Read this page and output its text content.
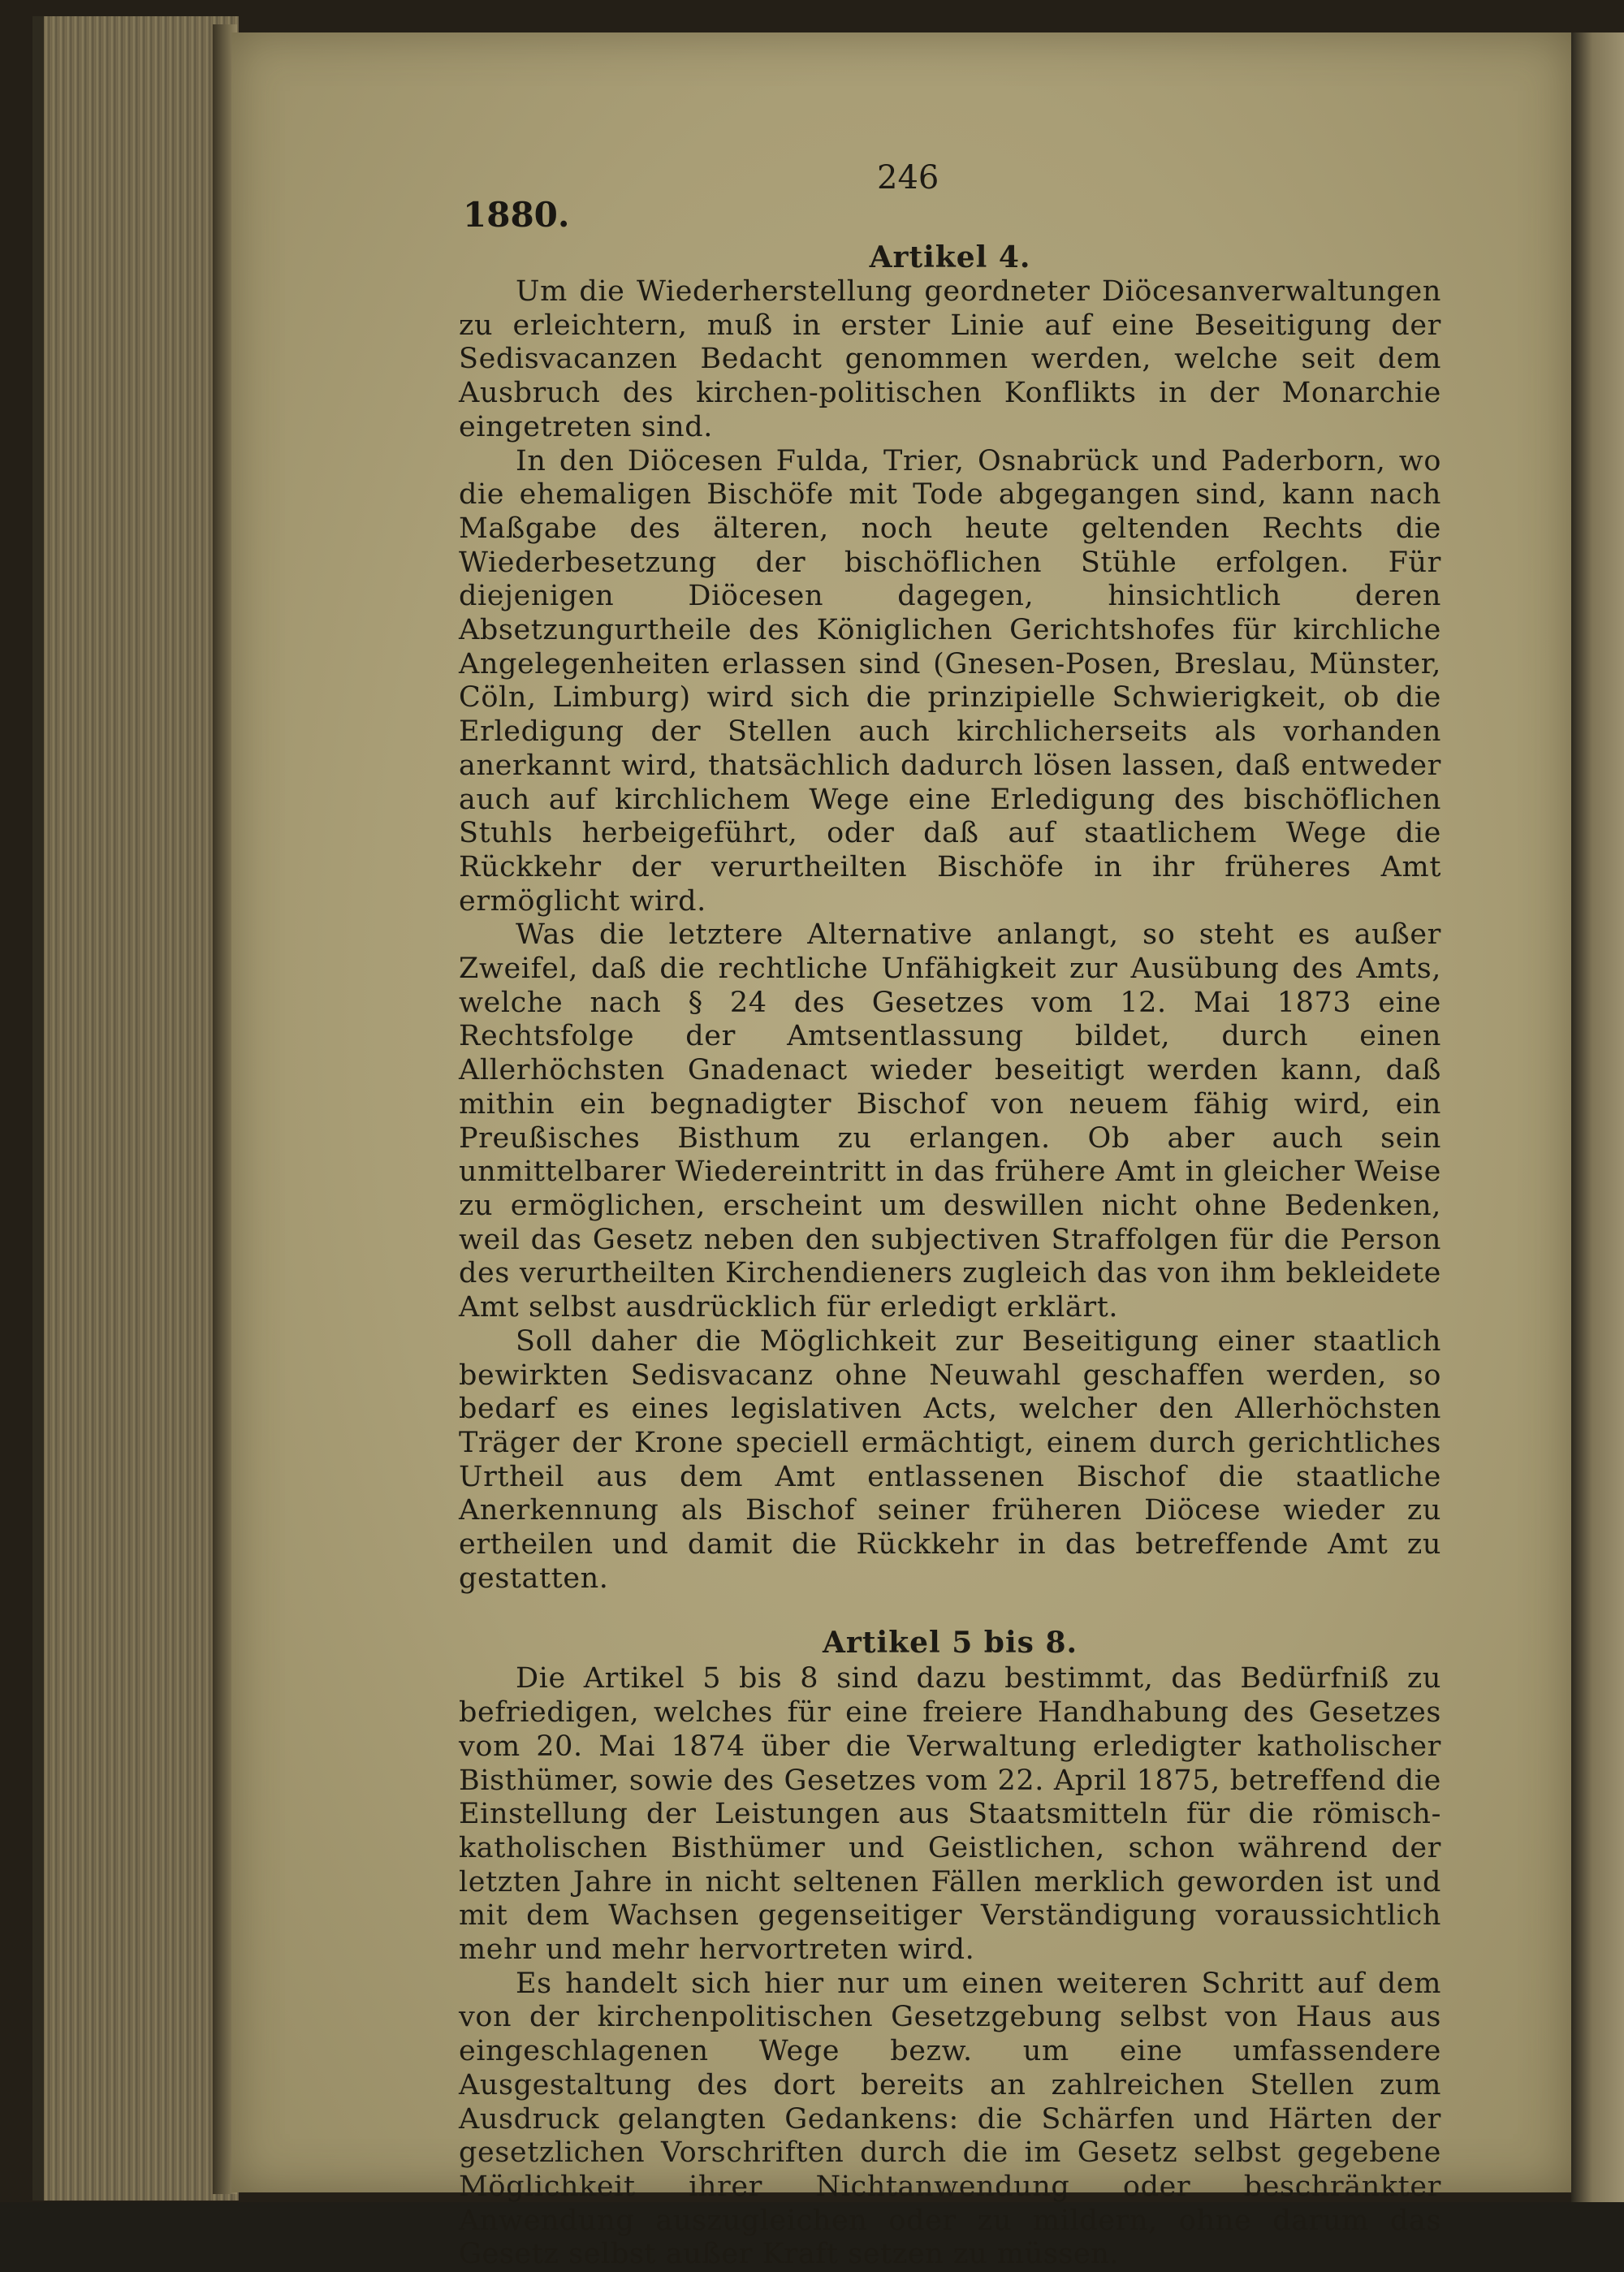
246
1880.
Artikel 4.

Um die Wiederherstellung geordneter Diöcesanverwaltungen zu erleichtern, muß in erster Linie auf eine Beseitigung der Sedisvacanzen Bedacht genommen werden, welche seit dem Ausbruch des kirchen-politischen Konflikts in der Monarchie eingetreten sind.

In den Diöcesen Fulda, Trier, Osnabrück und Paderborn, wo die ehemaligen Bischöfe mit Tode abgegangen sind, kann nach Maßgabe des älteren, noch heute geltenden Rechts die Wiederbesetzung der bischöflichen Stühle erfolgen. Für diejenigen Diöcesen dagegen, hinsichtlich deren Absetzungurtheile des Königlichen Gerichtshofes für kirchliche Angelegenheiten erlassen sind (Gnesen-Posen, Breslau, Münster, Cöln, Limburg) wird sich die prinzipielle Schwierigkeit, ob die Erledigung der Stellen auch kirchlicherseits als vorhanden anerkannt wird, thatsächlich dadurch lösen lassen, daß entweder auch auf kirchlichem Wege eine Erledigung des bischöflichen Stuhls herbeigeführt, oder daß auf staatlichem Wege die Rückkehr der verurtheilten Bischöfe in ihr früheres Amt ermöglicht wird.

Was die letztere Alternative anlangt, so steht es außer Zweifel, daß die rechtliche Unfähigkeit zur Ausübung des Amts, welche nach § 24 des Gesetzes vom 12. Mai 1873 eine Rechtsfolge der Amtsentlassung bildet, durch einen Allerhöchsten Gnadenact wieder beseitigt werden kann, daß mithin ein begnadigter Bischof von neuem fähig wird, ein Preußisches Bisthum zu erlangen. Ob aber auch sein unmittelbarer Wiedereintritt in das frühere Amt in gleicher Weise zu ermöglichen, erscheint um deswillen nicht ohne Bedenken, weil das Gesetz neben den subjectiven Straffolgen für die Person des verurtheilten Kirchendieners zugleich das von ihm bekleidete Amt selbst ausdrücklich für erledigt erklärt.

Soll daher die Möglichkeit zur Beseitigung einer staatlich bewirkten Sedisvacanz ohne Neuwahl geschaffen werden, so bedarf es eines legislativen Acts, welcher den Allerhöchsten Träger der Krone speciell ermächtigt, einem durch gerichtliches Urtheil aus dem Amt entlassenen Bischof die staatliche Anerkennung als Bischof seiner früheren Diöcese wieder zu ertheilen und damit die Rückkehr in das betreffende Amt zu gestatten.

Artikel 5 bis 8.

Die Artikel 5 bis 8 sind dazu bestimmt, das Bedürfniß zu befriedigen, welches für eine freiere Handhabung des Gesetzes vom 20. Mai 1874 über die Verwaltung erledigter katholischer Bisthümer, sowie des Gesetzes vom 22. April 1875, betreffend die Einstellung der Leistungen aus Staatsmitteln für die römisch-katholischen Bisthümer und Geistlichen, schon während der letzten Jahre in nicht seltenen Fällen merklich geworden ist und mit dem Wachsen gegenseitiger Verständigung voraussichtlich mehr und mehr hervortreten wird.

Es handelt sich hier nur um einen weiteren Schritt auf dem von der kirchenpolitischen Gesetzgebung selbst von Haus aus eingeschlagenen Wege bezw. um eine umfassendere Ausgestaltung des dort bereits an zahlreichen Stellen zum Ausdruck gelangten Gedankens: die Schärfen und Härten der gesetzlichen Vorschriften durch die im Gesetz selbst gegebene Möglichkeit ihrer Nichtanwendung oder beschränkter Anwendung auszugleichen oder zu mildern, ohne darum das Gesetz selbst außer Kraft setzen zu müssen.
